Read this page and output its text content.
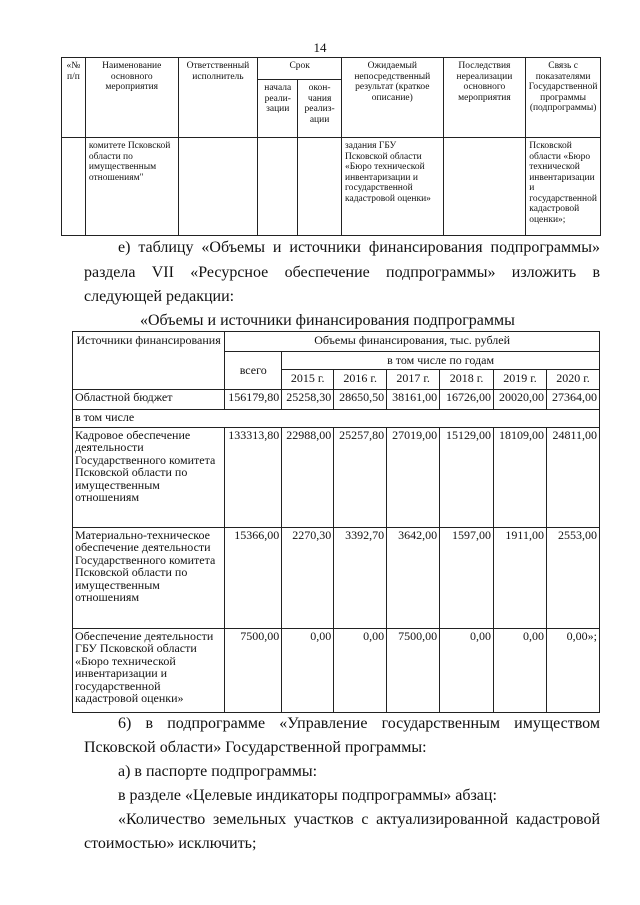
14
«№ п/п	Наименование основного мероприятия	Ответственный исполнитель	Срок		Ожидаемый непосредственный результат (краткое описание)	Последствия нереализации основного мероприятия	Связь с показателями Государственной программы (подпрограммы)
			начала реали-зации	окон-чания реализ-ации			
	комитете Псковской области по имущественным отношениям"				задания ГБУ Псковской области «Бюро технической инвентаризации и государственной кадастровой оценки»		Псковской области «Бюро технической инвентаризации и государственной кадастровой оценки»;

е) таблицу «Объемы и источники финансирования подпрограммы»

раздела VII «Ресурсное обеспечение подпрограммы» изложить в

следующей редакции:

«Объемы и источники финансирования подпрограммы

Источники финансирования	Объемы финансирования, тыс. рублей						
	всего	в том числе по годам					
		2015 г.	2016 г.	2017 г.	2018 г.	2019 г.	2020 г.
Областной бюджет	156179,80	25258,30	28650,50	38161,00	16726,00	20020,00	27364,00
в том числе							
Кадровое обеспечение деятельности Государственного комитета Псковской области по имущественным отношениям	133313,80	22988,00	25257,80	27019,00	15129,00	18109,00	24811,00
Материально-техническое обеспечение деятельности Государственного комитета Псковской области по имущественным отношениям	15366,00	2270,30	3392,70	3642,00	1597,00	1911,00	2553,00
Обеспечение деятельности ГБУ Псковской области «Бюро технической инвентаризации и государственной кадастровой оценки»	7500,00	0,00	0,00	7500,00	0,00	0,00	0,00»;

6) в подпрограмме «Управление государственным имуществом

Псковской области» Государственной программы:

а) в паспорте подпрограммы:

в разделе «Целевые индикаторы подпрограммы» абзац:

«Количество земельных участков с актуализированной кадастровой

стоимостью» исключить;
